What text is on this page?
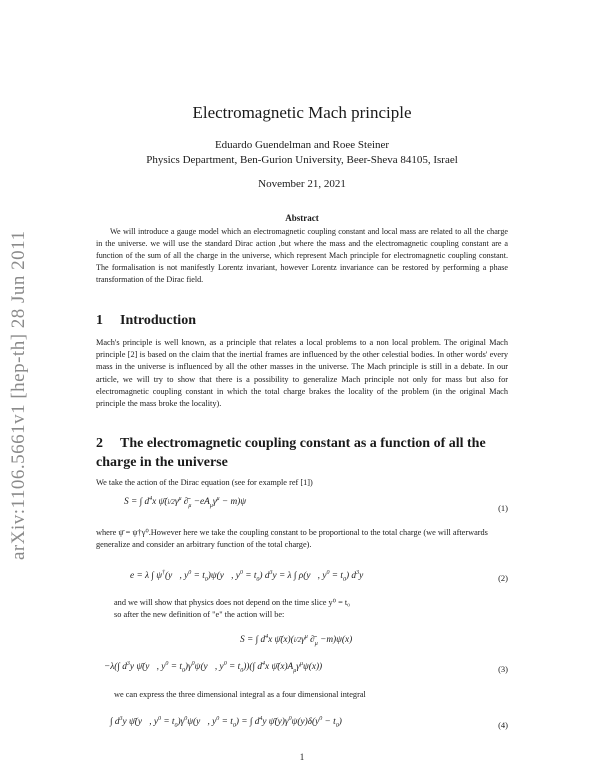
arXiv:1106.5661v1 [hep-th] 28 Jun 2011
Electromagnetic Mach principle
Eduardo Guendelman and Roee Steiner
Physics Department, Ben-Gurion University, Beer-Sheva 84105, Israel
November 21, 2021
Abstract
We will introduce a gauge model which an electromagnetic coupling constant and local mass are related to all the charge in the universe. we will use the standard Dirac action ,but where the mass and the electromagnetic coupling constant are a function of the sum of all the charge in the universe, which represent Mach principle for electromagnetic coupling constant. The formalisation is not manifestly Lorentz invariant, however Lorentz invariance can be restored by performing a phase transformation of the Dirac field.
1 Introduction
Mach's principle is well known, as a principle that relates a local problems to a non local problem. The original Mach principle [2] is based on the claim that the inertial frames are influenced by the other celestial bodies. In other words' every mass in the universe is influenced by all the other masses in the universe. The Mach principle is still in a debate. In our article, we will try to show that there is a possibility to generalize Mach principle not only for mass but also for electromagnetic coupling constant in which the total charge brakes the locality of the problem (in the original Mach principle the mass broke the locality).
2 The electromagnetic coupling constant as a function of all the charge in the universe
We take the action of the Dirac equation (see for example ref [1])
S = ∫ $d^4x$ $\psī(i/2\gamma^\mu$ $\partial̄_\mu -eA_\mu\gamma^\mu - m)\psi$
(1)
where ψ̄ = ψ†γ⁰.However here we take the coupling constant to be proportional to the total charge (we will afterwards generalize and consider an arbitrary function of the total charge).
e = λ ∫ ψ†(y⃗, $y^0$ = $t_0)\psi(y⃗$, $y^0 = t_0$) $d^3y = \lambda$ ∫ ρ(y⃗, $y^0 = t_0$) $d^3y$	(2)
and we will show that physics does not depend on the time slice y⁰ = t₀
so after the new definition of "e" the action will be:
S = ∫ $d^4x$ $\psī(x)(i/2\gamma^\mu$ $\partial̄_\mu -m)\psi(x)$
−λ(∫ $d^3y$ ψ̄(y⃗, $y^0$ = $t_0)\gamma^0\psi(y⃗$, $y^0 = t_0))(\int$ $d^4x$ $\psī(x)A_\mu\gamma^\mu\psi(x)$)	(3)
we can express the three dimensional integral as a four dimensional integral
∫ $d^3y$ ψ̄(y⃗, $y^0$ = $t_0)\gamma^0\psi(y⃗$, $y^0 = t_0$) = ∫ $d^4y$ $\psī(y)\gamma^0\psi(y)\delta(y^0 - t_0)$	(4)
1
